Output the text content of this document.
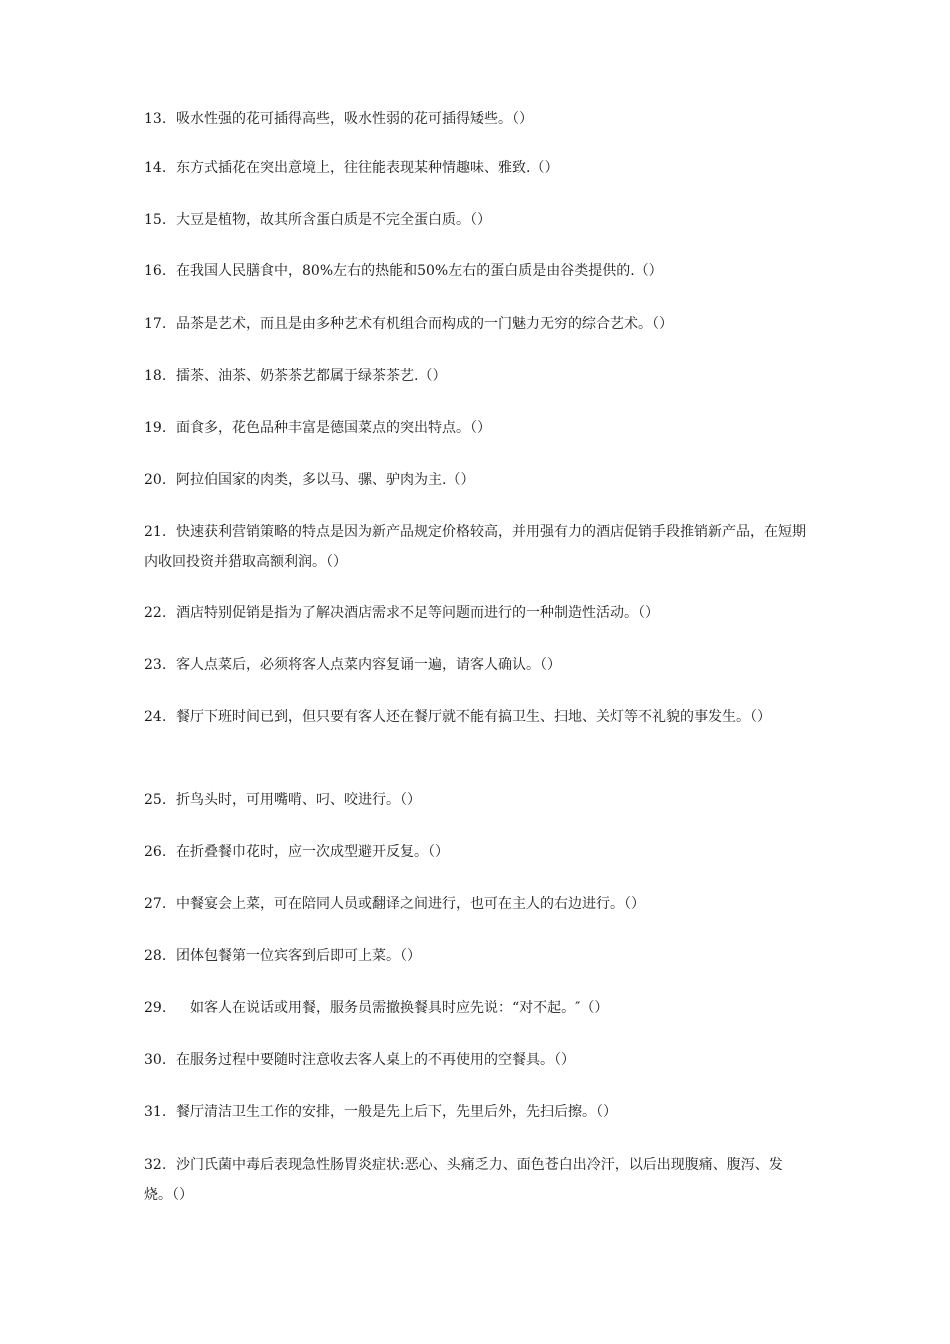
13. 吸水性强的花可插得高些，吸水性弱的花可插得矮些。（）
14. 东方式插花在突出意境上，往往能表现某种情趣味、雅致.（）
15. 大豆是植物，故其所含蛋白质是不完全蛋白质。（）
16. 在我国人民膳食中，80%左右的热能和50%左右的蛋白质是由谷类提供的.（）
17. 品茶是艺术，而且是由多种艺术有机组合而构成的一门魅力无穷的综合艺术。（）
18. 擂茶、油茶、奶茶茶艺都属于绿茶茶艺.（）
19. 面食多，花色品种丰富是德国菜点的突出特点。（）
20. 阿拉伯国家的肉类，多以马、骡、驴肉为主.（）
21. 快速获利营销策略的特点是因为新产品规定价格较高，并用强有力的酒店促销手段推销新产品，在短期内收回投资并猎取高额利润。（）
22. 酒店特别促销是指为了解决酒店需求不足等问题而进行的一种制造性活动。（）
23. 客人点菜后，必须将客人点菜内容复诵一遍，请客人确认。（）
24. 餐厅下班时间已到，但只要有客人还在餐厅就不能有搞卫生、扫地、关灯等不礼貌的事发生。（）
25. 折鸟头时，可用嘴啃、叼、咬进行。（）
26. 在折叠餐巾花时，应一次成型避开反复。（）
27. 中餐宴会上菜，可在陪同人员或翻译之间进行，也可在主人的右边进行。（）
28. 团体包餐第一位宾客到后即可上菜。（）
29. 如客人在说话或用餐，服务员需撤换餐具时应先说：“对不起。″（）
30. 在服务过程中要随时注意收去客人桌上的不再使用的空餐具。（）
31. 餐厅清洁卫生工作的安排，一般是先上后下，先里后外，先扫后擦。（）
32. 沙门氏菌中毒后表现急性肠胃炎症状:恶心、头痛乏力、面色苍白出冷汗，以后出现腹痛、腹泻、发烧。（）
